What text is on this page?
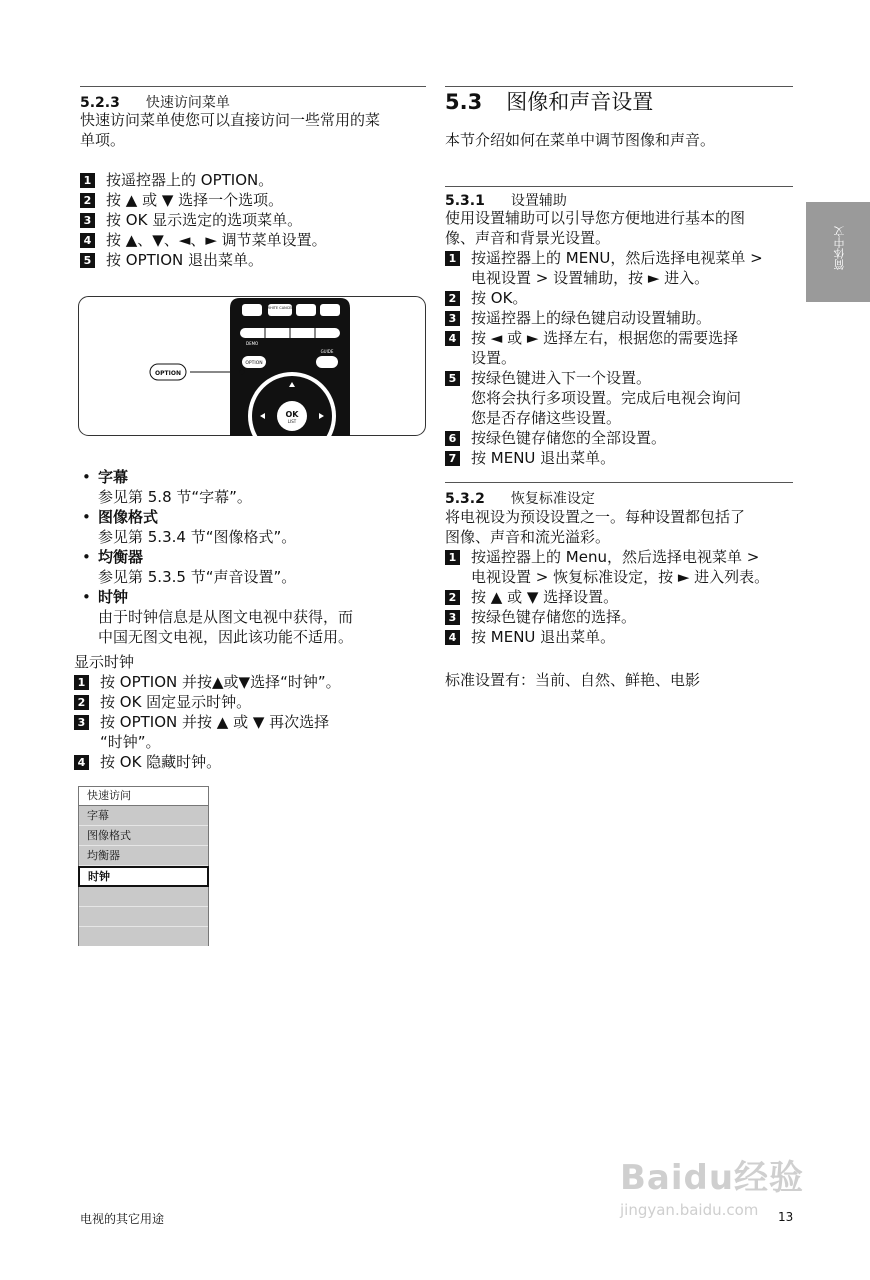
5.2.3 快速访问菜单
快速访问菜单使您可以直接访问一些常用的菜
单项。
1 按遥控器上的 OPTION。
2 按 ▲ 或 ▼ 选择一个选项。
3 按 OK 显示选定的选项菜单。
4 按 ▲、▼、◄、► 调节菜单设置。
5 按 OPTION 退出菜单。
WHITE CANCEL
DEMO
OPTION
GUIDE
OK
LIST
OPTION
• 字幕
参见第 5.8 节“字幕”。
• 图像格式
参见第 5.3.4 节“图像格式”。
• 均衡器
参见第 5.3.5 节“声音设置”。
• 时钟
由于时钟信息是从图文电视中获得，而
中国无图文电视，因此该功能不适用。
显示时钟
1 按 OPTION 并按▲或▼选择“时钟”。
2 按 OK 固定显示时钟。
3 按 OPTION 并按 ▲ 或 ▼ 再次选择
“时钟”。
4 按 OK 隐藏时钟。
快速访问
字幕
图像格式
均衡器
时钟
5.3 图像和声音设置
本节介绍如何在菜单中调节图像和声音。
5.3.1 设置辅助
使用设置辅助可以引导您方便地进行基本的图
像、声音和背景光设置。
1 按遥控器上的 MENU，然后选择电视菜单 >
电视设置 > 设置辅助，按 ► 进入。
2 按 OK。
3 按遥控器上的绿色键启动设置辅助。
4 按 ◄ 或 ► 选择左右，根据您的需要选择
设置。
5 按绿色键进入下一个设置。
您将会执行多项设置。完成后电视会询问
您是否存储这些设置。
6 按绿色键存储您的全部设置。
7 按 MENU 退出菜单。
5.3.2 恢复标准设定
将电视设为预设设置之一。每种设置都包括了
图像、声音和流光溢彩。
1 按遥控器上的 Menu，然后选择电视菜单 >
电视设置 > 恢复标准设定，按 ► 进入列表。
2 按 ▲ 或 ▼ 选择设置。
3 按绿色键存储您的选择。
4 按 MENU 退出菜单。
标准设置有：当前、自然、鲜艳、电影
简体中文
电视的其它用途	13
Baidu经验
jingyan.baidu.com
